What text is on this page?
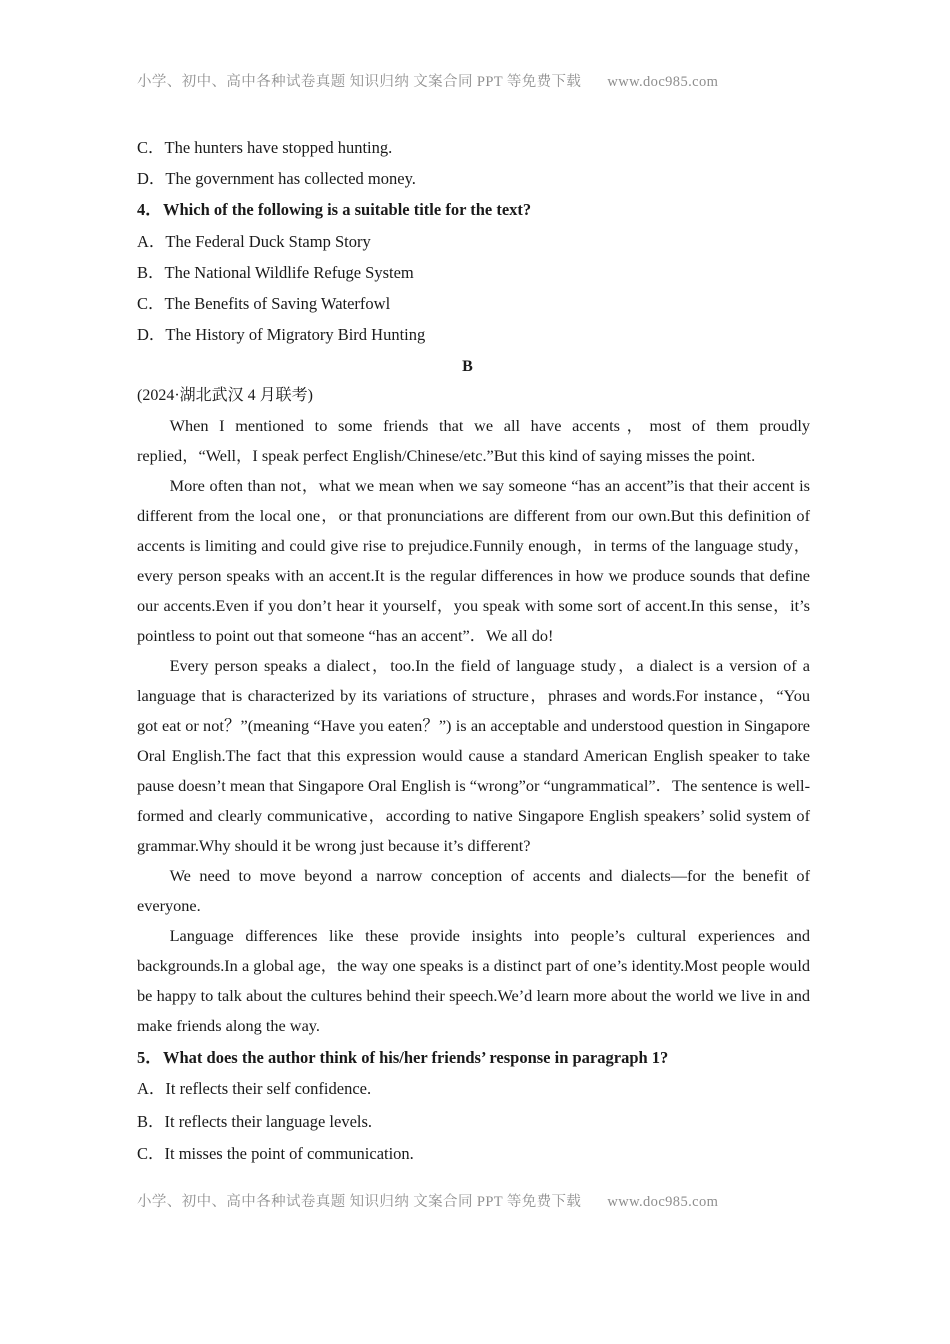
小学、初中、高中各种试卷真题 知识归纳 文案合同 PPT 等免费下载 www.doc985.com
C．The hunters have stopped hunting.
D．The government has collected money.
4．Which of the following is a suitable title for the text?
A．The Federal Duck Stamp Story
B．The National Wildlife Refuge System
C．The Benefits of Saving Waterfowl
D．The History of Migratory Bird Hunting
B
(2024·湖北武汉 4 月联考)

When I mentioned to some friends that we all have accents，most of them proudly replied，“Well，I speak perfect English/Chinese/etc.”But this kind of saying misses the point.

More often than not，what we mean when we say someone “has an accent”is that their accent is different from the local one，or that pronunciations are different from our own.But this definition of accents is limiting and could give rise to prejudice.Funnily enough，in terms of the language study，every person speaks with an accent.It is the regular differences in how we produce sounds that define our accents.Even if you don’t hear it yourself，you speak with some sort of accent.In this sense，it’s pointless to point out that someone “has an accent”．We all do!

Every person speaks a dialect，too.In the field of language study，a dialect is a version of a language that is characterized by its variations of structure，phrases and words.For instance，“You got eat or not？”(meaning “Have you eaten？”) is an acceptable and understood question in Singapore Oral English.The fact that this expression would cause a standard American English speaker to take pause doesn’t mean that Singapore Oral English is “wrong”or “ungrammatical”．The sentence is well-formed and clearly communicative，according to native Singapore English speakers’ solid system of grammar.Why should it be wrong just because it’s different?

We need to move beyond a narrow conception of accents and dialects—for the benefit of everyone.

Language differences like these provide insights into people’s cultural experiences and backgrounds.In a global age，the way one speaks is a distinct part of one’s identity.Most people would be happy to talk about the cultures behind their speech.We’d learn more about the world we live in and make friends along the way.

5．What does the author think of his/her friends’ response in paragraph 1?
A．It reflects their self confidence.
B．It reflects their language levels.
C．It misses the point of communication.
小学、初中、高中各种试卷真题 知识归纳 文案合同 PPT 等免费下载 www.doc985.com
